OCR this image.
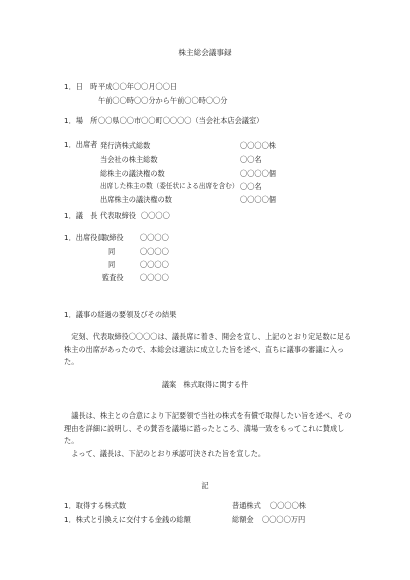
株主総会議事録
1．日　時 平成〇〇年〇〇月〇〇日
午前〇〇時〇〇分から午前〇〇時〇〇分
1．場　所 〇〇県〇〇市〇〇町〇〇〇〇（当会社本店会議室）
1．出席者 発行済株式総数	〇〇〇〇株
当会社の株主総数	〇〇名
総株主の議決権の数	〇〇〇〇個
出席した株主の数（委任状による出席を含む） 〇〇名
出席株主の議決権の数	〇〇〇〇個
1．議　長 代表取締役 〇〇〇〇
1．出席役員
取締役 〇〇〇〇
同	〇〇〇〇
同	〇〇〇〇
監査役 〇〇〇〇
1．議事の経過の要領及びその結果
　定刻、代表取締役〇〇〇〇は、議長席に着き、開会を宣し、上記のとおり定足数に足る株主の出席があったので、本総会は適法に成立した旨を述べ、直ちに議事の審議に入った。
議案　株式取得に関する件
　議長は、株主との合意により下記要領で当社の株式を有償で取得したい旨を述べ、その理由を詳細に説明し、その賛否を議場に諮ったところ、満場一致をもってこれに賛成した。
　よって、議長は、下記のとおり承認可決された旨を宣した。
記
1．取得する株式数	普通株式 〇〇〇〇株
1．株式と引換えに交付する金銭の総額	総額金 〇〇〇〇万円
